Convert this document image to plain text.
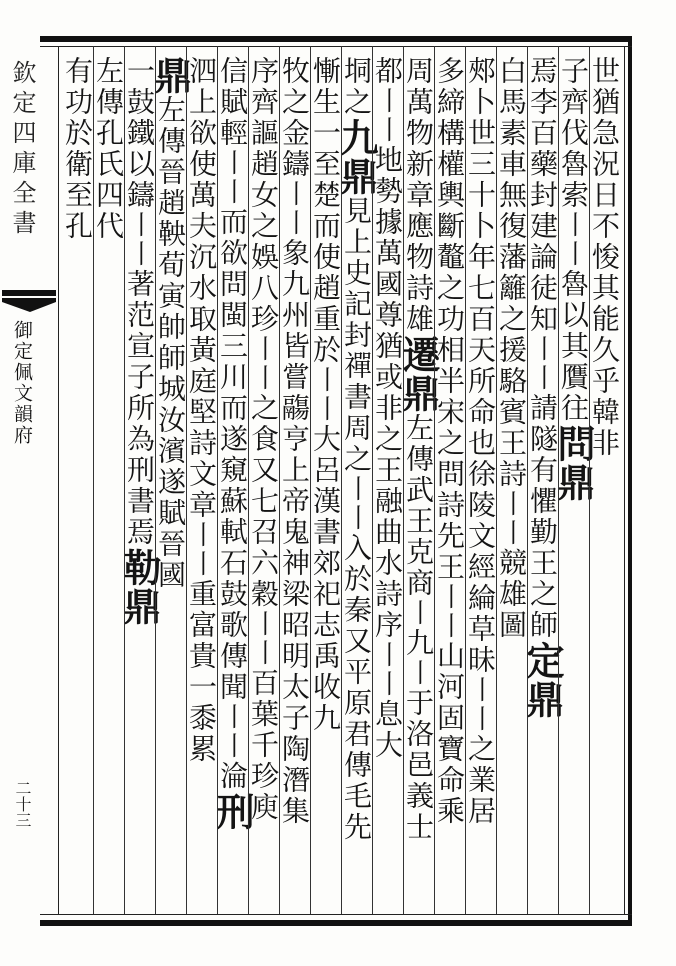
欽定四庫全書
御定佩文韻府
二十三
世猶急況日不悛其能久乎韓非
子齊伐魯索丨丨魯以其贋往問鼎
焉李百藥封建論徒知丨丨請隧有懼勤王之師定鼎
白馬素車無復藩籬之援駱賓王詩丨丨競雄圖
郟卜世三十卜年七百天所命也徐陵文經綸草昧丨丨之業居
多締構權輿斷鼇之功相半宋之問詩先王丨丨山河固寶命乘
周萬物新章應物詩雄遷鼎左傳武王克商丨九丨于洛邑義士
都丨丨地勢據萬國尊猶或非之王融曲水詩序丨丨息大
垌之九鼎見上史記封禪書周之丨丨入於秦又平原君傳毛先
慚生一至楚而使趙重於丨丨大呂漢書郊祀志禹收九
牧之金鑄丨丨象九州皆嘗鬺亨上帝鬼神梁昭明太子陶潛集
序齊謳趙女之娛八珍丨丨之食又七召六穀丨丨百葉千珍庾
信賦輕丨丨而欲問閩三川而遂窺蘇軾石鼓歌傳聞丨丨淪刑
泗上欲使萬夫沉水取黃庭堅詩文章丨丨重富貴一黍累
鼎左傳晉趙鞅荀寅帥師城汝濱遂賦晉國
一鼓鐵以鑄丨丨著范宣子所為刑書焉勒鼎
左傳孔氏四代
有功於衛至孔
